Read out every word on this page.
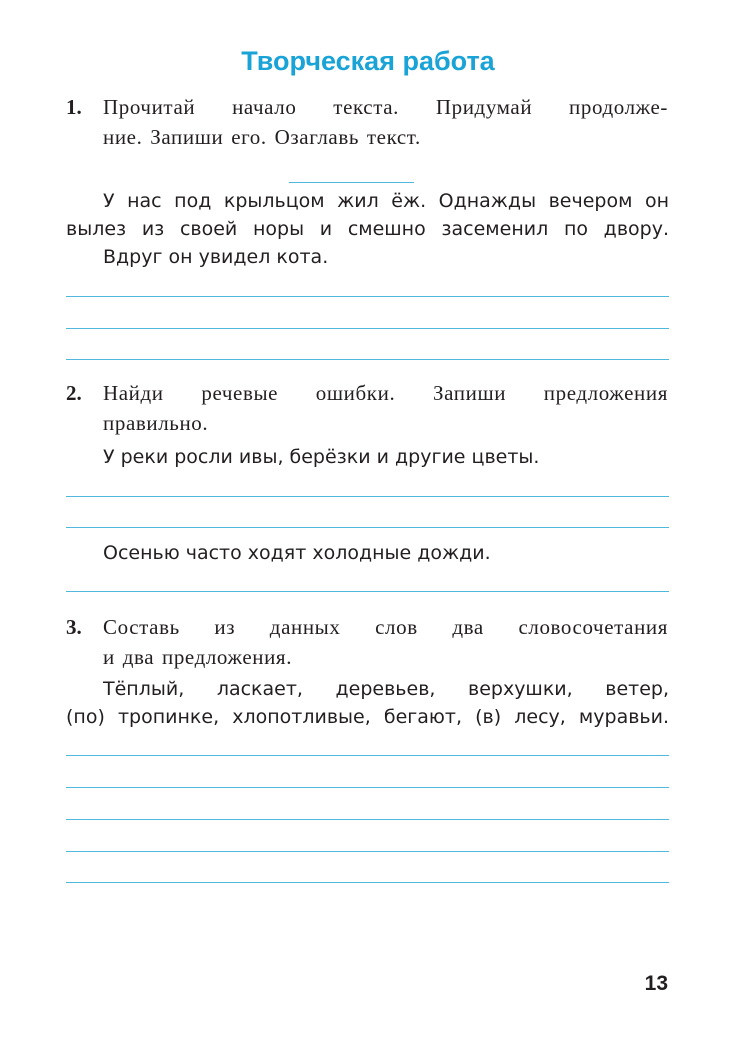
Творческая работа
1. Прочитай начало текста. Придумай продолже-
ние. Запиши его. Озаглавь текст.
У нас под крыльцом жил ёж. Однажды вечером он
вылез из своей норы и смешно засеменил по двору.
Вдруг он увидел кота.
2. Найди речевые ошибки. Запиши предложения
правильно.
У реки росли ивы, берёзки и другие цветы.
Осенью часто ходят холодные дожди.
3. Составь из данных слов два словосочетания
и два предложения.
Тёплый, ласкает, деревьев, верхушки, ветер,
(по) тропинке, хлопотливые, бегают, (в) лесу, муравьи.
13
